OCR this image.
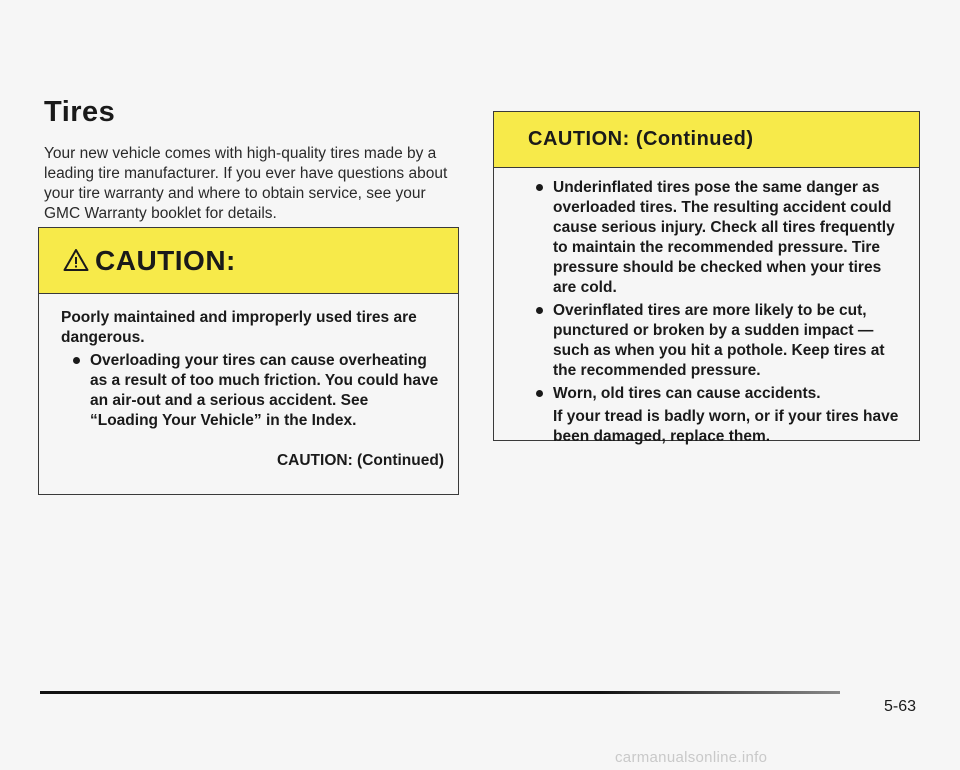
Tires

Your new vehicle comes with high-quality tires made by a leading tire manufacturer. If you ever have questions about your tire warranty and where to obtain service, see your GMC Warranty booklet for details.

CAUTION:

Poorly maintained and improperly used tires are dangerous.

Overloading your tires can cause overheating as a result of too much friction. You could have an air-out and a serious accident. See “Loading Your Vehicle” in the Index.
CAUTION: (Continued)
CAUTION: (Continued)
Underinflated tires pose the same danger as overloaded tires. The resulting accident could cause serious injury. Check all tires frequently to maintain the recommended pressure. Tire pressure should be checked when your tires are cold.
Overinflated tires are more likely to be cut, punctured or broken by a sudden impact — such as when you hit a pothole. Keep tires at the recommended pressure.
Worn, old tires can cause accidents.

If your tread is badly worn, or if your tires have been damaged, replace them.

5-63
carmanualsonline.info
